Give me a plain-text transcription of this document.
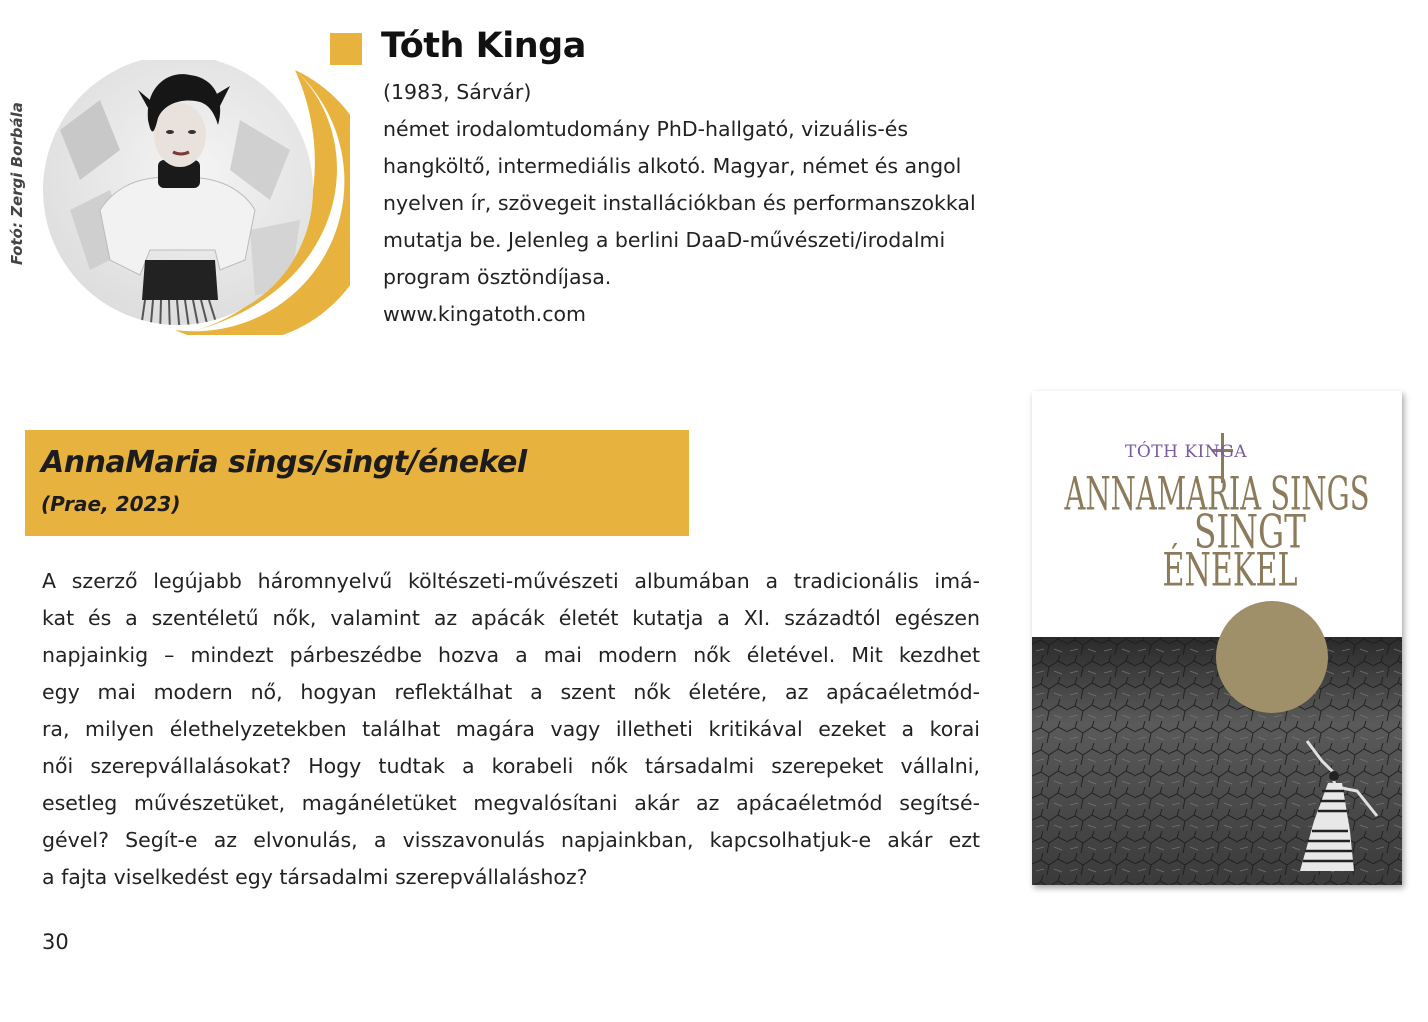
Fotó: Zergi Borbála
Tóth Kinga
(1983, Sárvár)
német irodalomtudomány PhD-hallgató, vizuális-és
hangköltő, intermediális alkotó. Magyar, német és angol
nyelven ír, szövegeit installációkban és performanszokkal
mutatja be. Jelenleg a berlini DaaD-művészeti/irodalmi
program ösztöndíjasa.
www.kingatoth.com
AnnaMaria sings/singt/énekel
(Prae, 2023)
A szerző legújabb háromnyelvű költészeti-művészeti albumában a tradicionális imá-
kat és a szentéletű nők, valamint az apácák életét kutatja a XI. századtól egészen
napjainkig – mindezt párbeszédbe hozva a mai modern nők életével. Mit kezdhet
egy mai modern nő, hogyan reflektálhat a szent nők életére, az apácaéletmód-
ra, milyen élethelyzetekben találhat magára vagy illetheti kritikával ezeket a korai
női szerepvállalásokat? Hogy tudtak a korabeli nők társadalmi szerepeket vállalni,
esetleg művészetüket, magánéletüket megvalósítani akár az apácaéletmód segítsé-
gével? Segít-e az elvonulás, a visszavonulás napjainkban, kapcsolhatjuk-e akár ezt
a fajta viselkedést egy társadalmi szerepvállaláshoz?
30
TÓTH KINGA
ANNAMARIA SINGS
SINGT
ÉNEKEL
